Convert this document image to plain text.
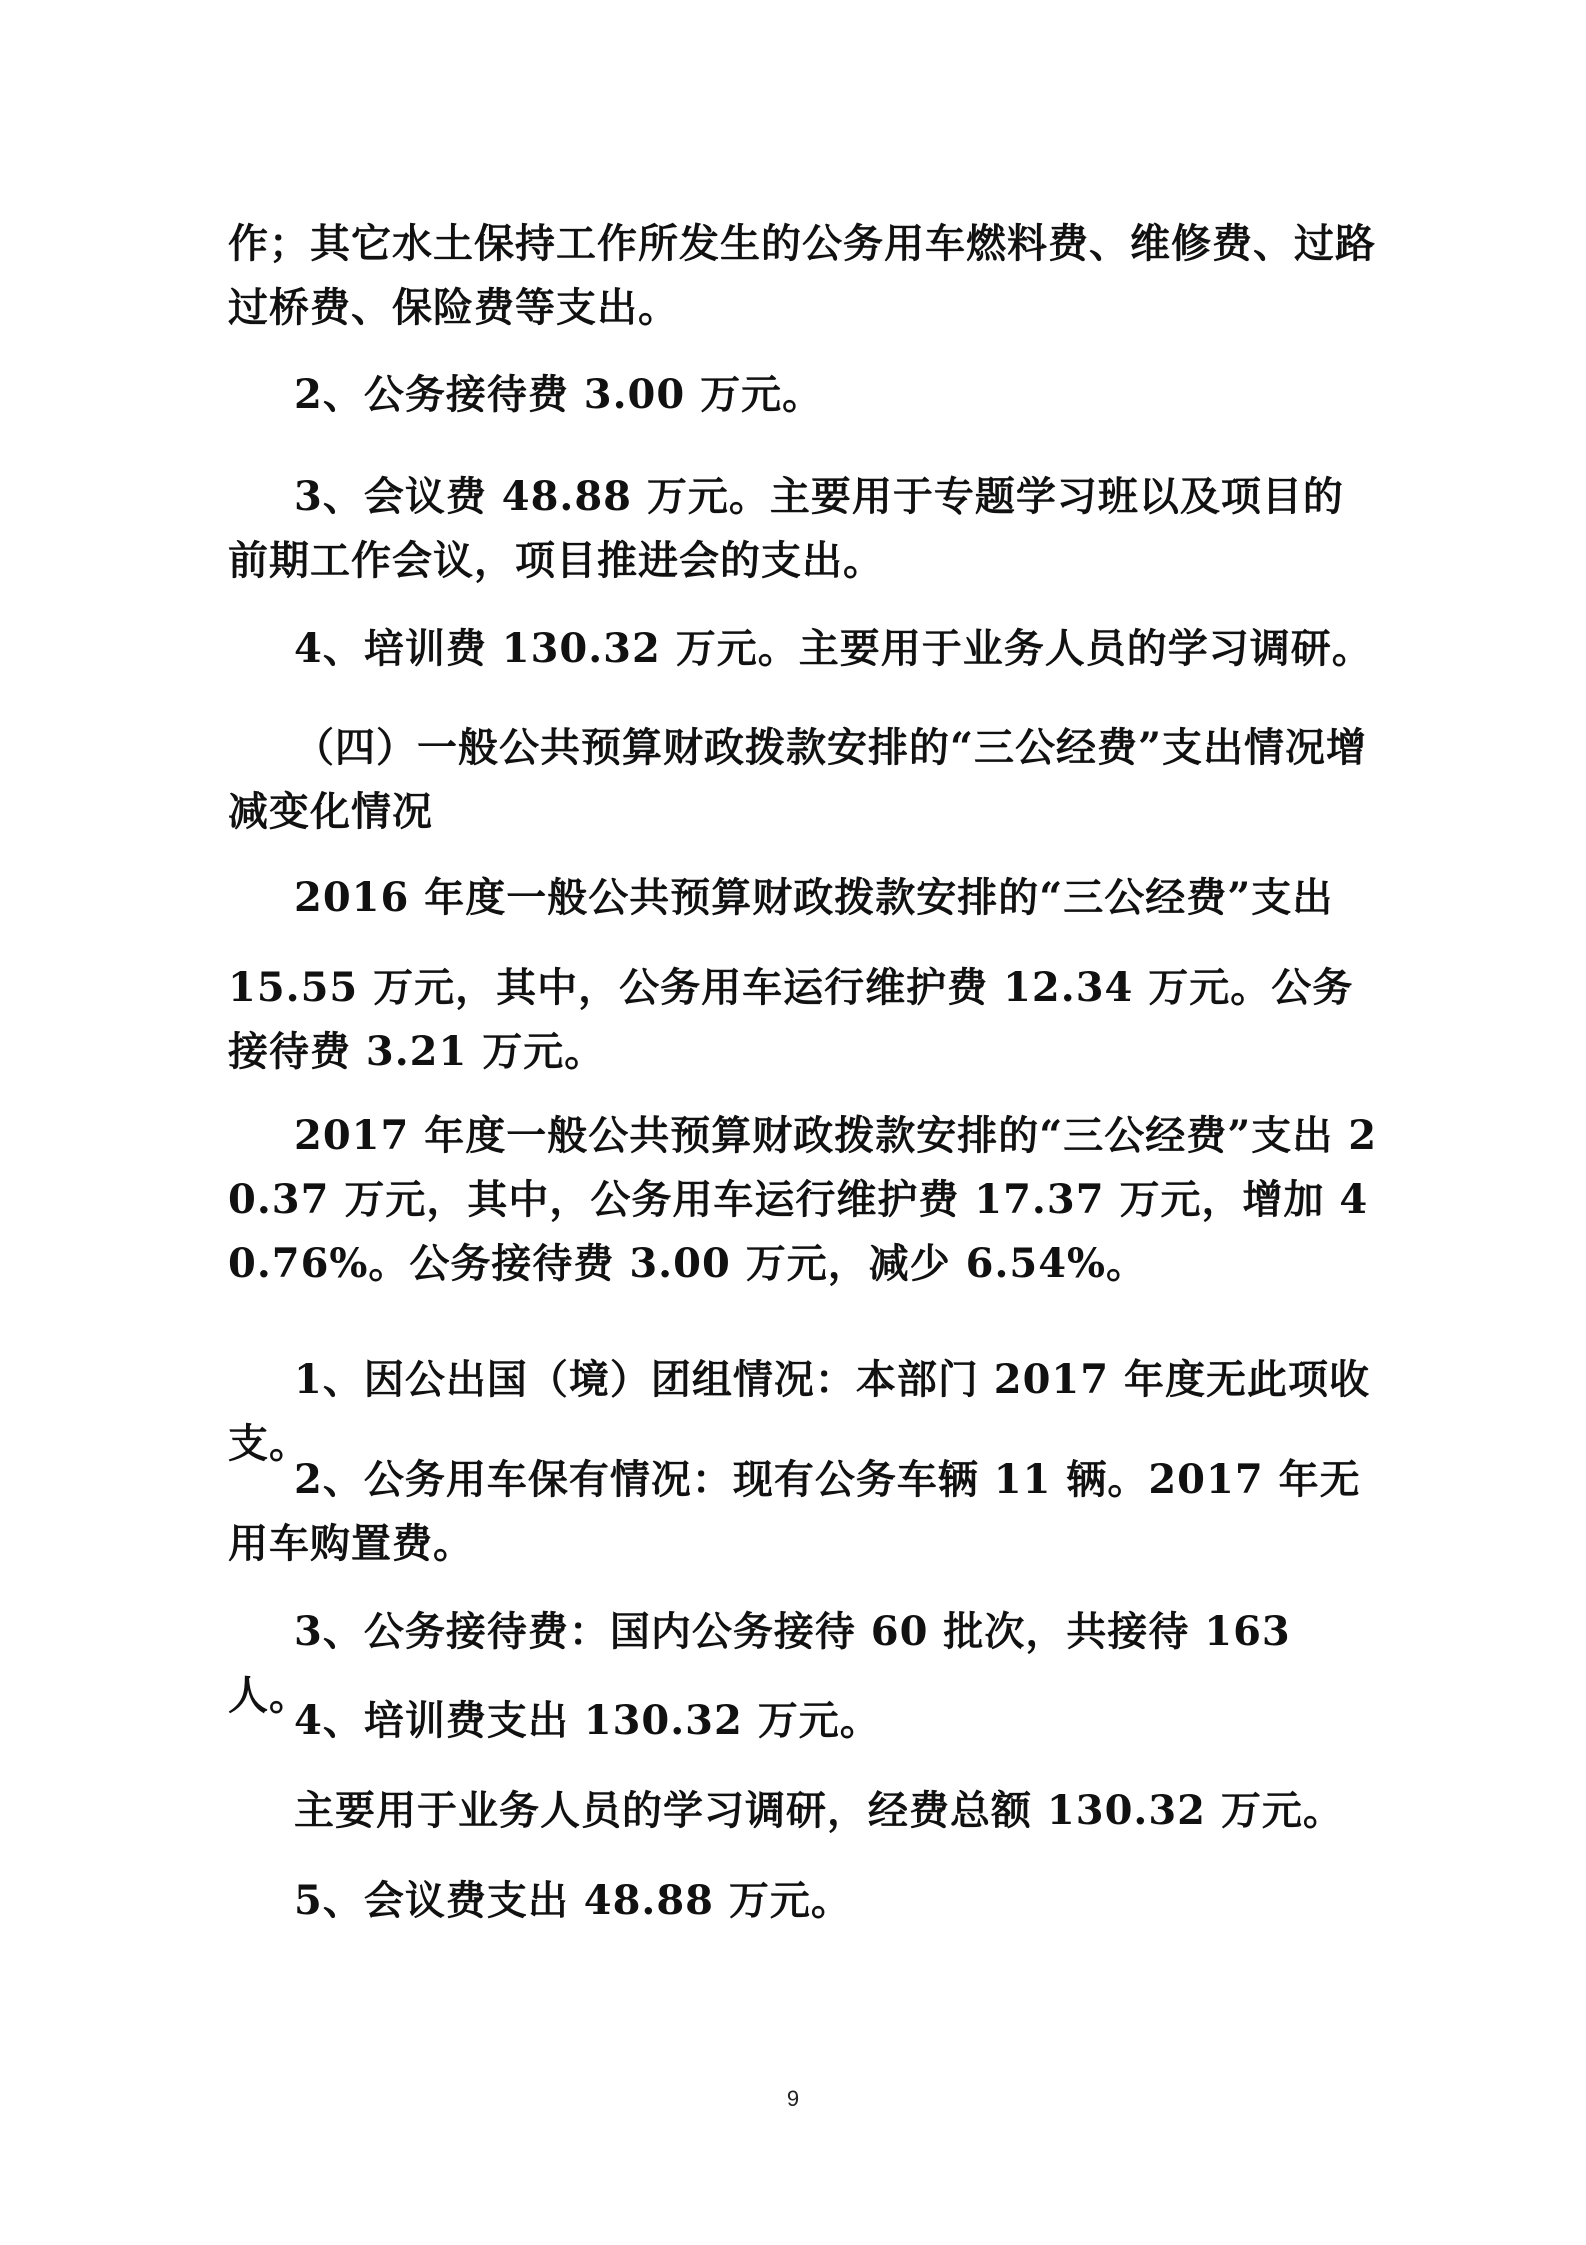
作；其它水土保持工作所发生的公务用车燃料费、维修费、过路过桥费、保险费等支出。

2、公务接待费 3.00 万元。

3、会议费 48.88 万元。主要用于专题学习班以及项目的前期工作会议，项目推进会的支出。

4、培训费 130.32 万元。主要用于业务人员的学习调研。

（四）一般公共预算财政拨款安排的“三公经费”支出情况增减变化情况

2016 年度一般公共预算财政拨款安排的“三公经费”支出

15.55 万元，其中，公务用车运行维护费 12.34 万元。公务接待费 3.21 万元。

2017 年度一般公共预算财政拨款安排的“三公经费”支出 20.37 万元，其中，公务用车运行维护费 17.37 万元，增加 40.76%。公务接待费 3.00 万元，减少 6.54%。

1、因公出国（境）团组情况：本部门 2017 年度无此项收支。

2、公务用车保有情况：现有公务车辆 11 辆。2017 年无用车购置费。

3、公务接待费：国内公务接待 60 批次，共接待 163 人。

4、培训费支出 130.32 万元。

主要用于业务人员的学习调研，经费总额 130.32 万元。

5、会议费支出 48.88 万元。

9
